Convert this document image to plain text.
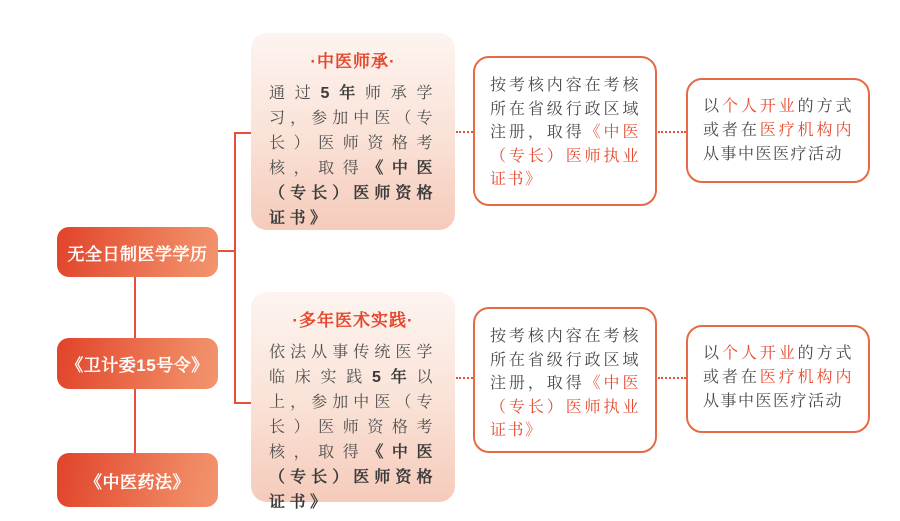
无全日制医学学历
《卫计委15号令》
《中医药法》
·中医师承·
通过5年师承学习，参加中医（专长）医师资格考核，取得《中医（专长）医师资格证书》
·多年医术实践·
依法从事传统医学临床实践5年以上，参加中医（专长）医师资格考核，取得《中医（专长）医师资格证书》
按考核内容在考核所在省级行政区域注册，取得《中医（专长）医师执业证书》
按考核内容在考核所在省级行政区域注册，取得《中医（专长）医师执业证书》
以个人开业的方式或者在医疗机构内从事中医医疗活动
以个人开业的方式或者在医疗机构内从事中医医疗活动
